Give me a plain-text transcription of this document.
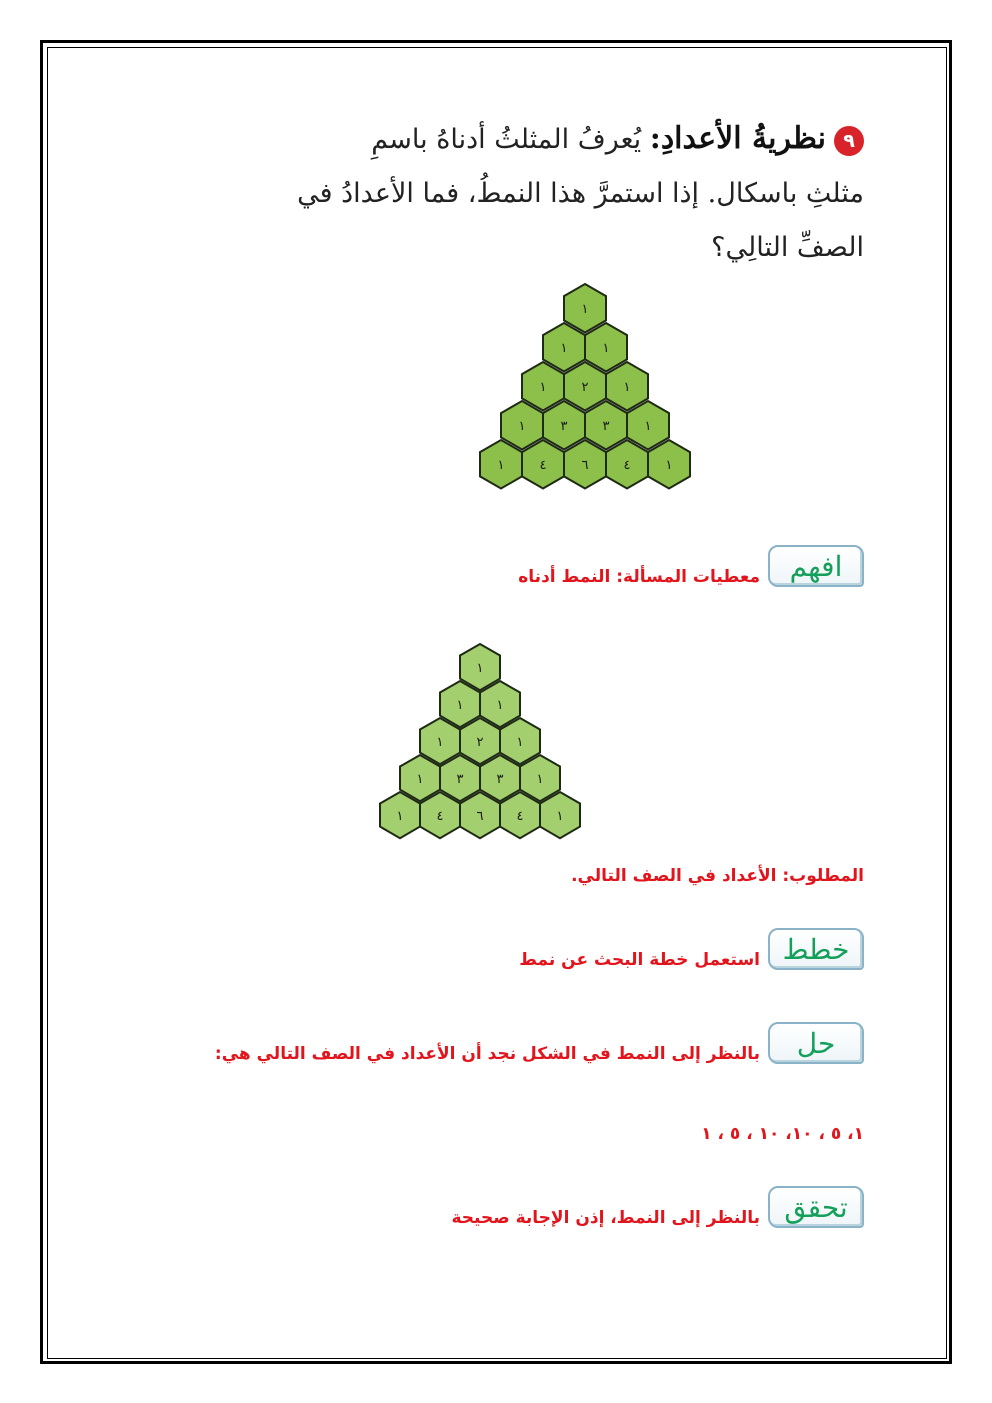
٩نظريةُ الأعدادِ: يُعرفُ المثلثُ أدناهُ باسمِ
مثلثِ باسكال. إذا استمرَّ هذا النمطُ، فما الأعدادُ في
الصفِّ التالِي؟
١
١	١
١	٢	١
١	٣	٣	١
١	٤	٦	٤	١
افهم
معطيات المسألة: النمط أدناه
١
١	١
١	٢	١
١	٣	٣	١
١	٤	٦	٤	١
المطلوب: الأعداد في الصف التالي.
خطط
استعمل خطة البحث عن نمط
حل
بالنظر إلى النمط في الشكل نجد أن الأعداد في الصف التالي هي:
١، ٥ ، ١٠، ١٠ ، ٥ ، ١
تحقق
بالنظر إلى النمط، إذن الإجابة صحيحة
